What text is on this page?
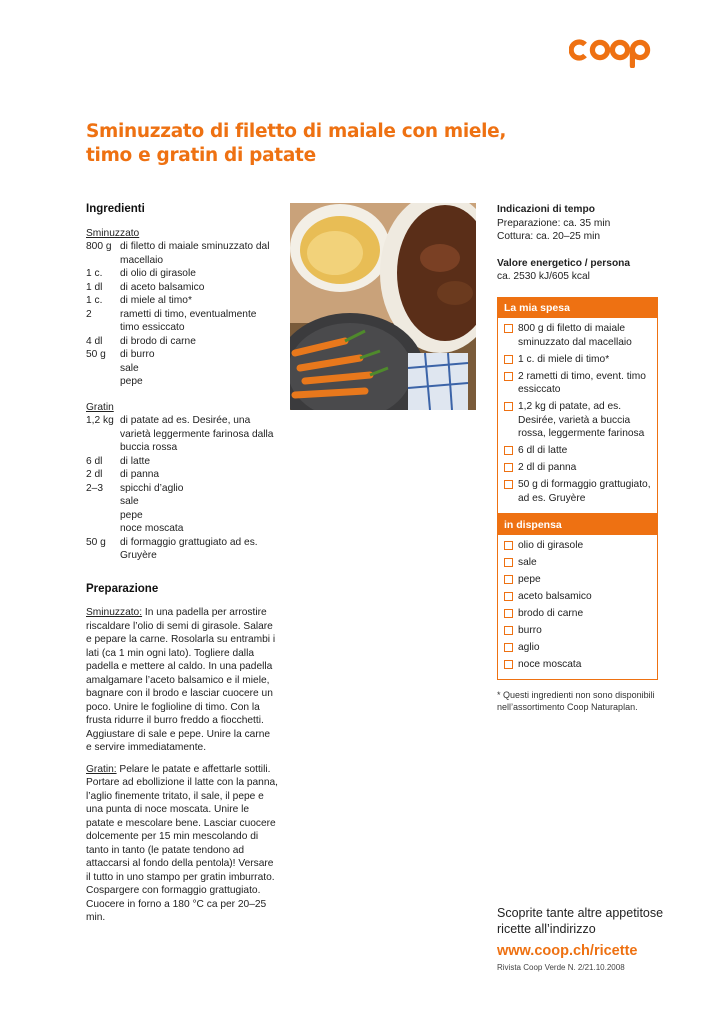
Sminuzzato di filetto di maiale con miele,
timo e gratin di patate
Ingredienti
Sminuzzato
800 g di filetto di maiale sminuzzato dal macellaio
1 c.	di olio di girasole
1 dl	di aceto balsamico
1 c.	di miele al timo*
2	rametti di timo, eventualmente timo essiccato
4 dl	di brodo di carne
50 g	di burro
sale
pepe
Gratin
1,2 kg di patate ad es. Desirée, una varietà leggermente farinosa dalla buccia rossa
6 dl	di latte
2 dl	di panna
2–3	spicchi d’aglio
sale
pepe
noce moscata
50 g	di formaggio grattugiato ad es. Gruyère
Preparazione

Sminuzzato: In una padella per arrostire riscaldare l’olio di semi di girasole. Salare e pepare la carne. Rosolarla su entrambi i lati (ca 1 min ogni lato). Togliere dalla padella e mettere al caldo. In una padella amalgamare l’aceto balsamico e il miele, bagnare con il brodo e lasciar cuocere un poco. Unire le foglioline di timo. Con la frusta ridurre il burro freddo a fiocchetti. Aggiustare di sale e pepe. Unire la carne e servire immediatamente.

Gratin: Pelare le patate e affettarle sottili. Portare ad ebollizione il latte con la panna, l’aglio finemente tritato, il sale, il pepe e una punta di noce moscata. Unire le patate e mescolare bene. Lasciar cuocere dolcemente per 15 min mescolando di tanto in tanto (le patate tendono ad attaccarsi al fondo della pentola)! Versare il tutto in uno stampo per gratin imburrato. Cospargere con formaggio grattugiato. Cuocere in forno a 180 °C ca per 20–25 min.

Indicazioni di tempo
Preparazione: ca. 35 min
Cottura: ca. 20–25 min
Valore energetico / persona
ca. 2530 kJ/605 kcal
La mia spesa
800 g di filetto di maiale sminuzzato dal macellaio
1 c. di miele di timo*
2 rametti di timo, event. timo essiccato
1,2 kg di patate, ad es. Desirée, varietà a buccia rossa, leggermente farinosa
6 dl di latte
2 dl di panna
50 g di formaggio grattugiato, ad es. Gruyère
in dispensa
olio di girasole
sale
pepe
aceto balsamico
brodo di carne
burro
aglio
noce moscata
* Questi ingredienti non sono disponibili nell’assortimento Coop Naturaplan.
Scoprite tante altre appetitose
ricette all’indirizzo
www.coop.ch/ricette
Rivista Coop Verde N. 2/21.10.2008
